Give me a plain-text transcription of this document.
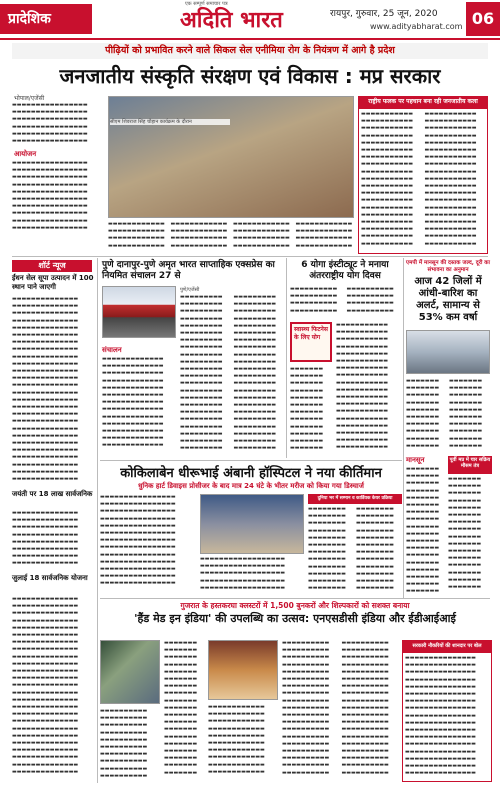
प्रादेशिक
एक सम्पूर्ण समाचार पत्र
अदिति भारत	रायपुर, गुरुवार, 25 जून, 2020
www.adityabharat.com 06
पीढ़ियों को प्रभावित करने वाले सिकल सेल एनीमिया रोग के नियंत्रण में आगे है प्रदेश
जनजातीय संस्कृति संरक्षण एवं विकास : मप्र सरकार
भोपाल/एजेंसी
▬▬▬▬▬▬▬▬▬▬▬▬▬▬▬▬
▬▬▬▬▬▬▬▬▬▬▬▬▬▬▬▬
▬▬▬▬▬▬▬▬▬▬▬▬▬▬▬▬
▬▬▬▬▬▬▬▬▬▬▬▬▬▬▬▬
▬▬▬▬▬▬▬▬▬▬▬▬▬▬▬▬
▬▬▬▬▬▬▬▬▬▬▬▬▬▬▬▬
आयोजन
▬▬▬▬▬▬▬▬▬▬▬▬▬▬▬▬
▬▬▬▬▬▬▬▬▬▬▬▬▬▬▬▬
▬▬▬▬▬▬▬▬▬▬▬▬▬▬▬▬
▬▬▬▬▬▬▬▬▬▬▬▬▬▬▬▬
▬▬▬▬▬▬▬▬▬▬▬▬▬▬▬▬
▬▬▬▬▬▬▬▬▬▬▬▬▬▬▬▬
▬▬▬▬▬▬▬▬▬▬▬▬▬▬▬▬
▬▬▬▬▬▬▬▬▬▬▬▬▬▬▬▬
▬▬▬▬▬▬▬▬▬▬▬▬▬▬▬▬
▬▬▬▬▬▬▬▬▬▬▬▬▬▬▬▬
सीएम शिवराज सिंह चौहान कार्यक्रम के दौरान
▬▬▬▬▬▬▬▬▬▬▬▬
▬▬▬▬▬▬▬▬▬▬▬▬
▬▬▬▬▬▬▬▬▬▬▬▬
▬▬▬▬▬▬▬▬▬▬▬▬
▬▬▬▬▬▬▬▬▬▬▬▬
▬▬▬▬▬▬▬▬▬▬▬▬
▬▬▬▬▬▬▬▬▬▬▬▬
▬▬▬▬▬▬▬▬▬▬▬▬
▬▬▬▬▬▬▬▬▬▬▬▬
▬▬▬▬▬▬▬▬▬▬▬▬
▬▬▬▬▬▬▬▬▬▬▬▬
▬▬▬▬▬▬▬▬▬▬▬▬
▬▬▬▬▬▬▬▬▬▬▬▬
▬▬▬▬▬▬▬▬▬▬▬▬
▬▬▬▬▬▬▬▬▬▬▬▬
▬▬▬▬▬▬▬▬▬▬▬▬
राष्ट्रीय फलक पर पहचान बना रही जनजातीय कला
▬▬▬▬▬▬▬▬▬▬▬
▬▬▬▬▬▬▬▬▬▬▬
▬▬▬▬▬▬▬▬▬▬▬
▬▬▬▬▬▬▬▬▬▬▬
▬▬▬▬▬▬▬▬▬▬▬
▬▬▬▬▬▬▬▬▬▬▬
▬▬▬▬▬▬▬▬▬▬▬
▬▬▬▬▬▬▬▬▬▬▬
▬▬▬▬▬▬▬▬▬▬▬
▬▬▬▬▬▬▬▬▬▬▬
▬▬▬▬▬▬▬▬▬▬▬
▬▬▬▬▬▬▬▬▬▬▬
▬▬▬▬▬▬▬▬▬▬▬
▬▬▬▬▬▬▬▬▬▬▬
▬▬▬▬▬▬▬▬▬▬▬
▬▬▬▬▬▬▬▬▬▬▬
▬▬▬▬▬▬▬▬▬▬▬
▬▬▬▬▬▬▬▬▬▬▬
▬▬▬▬▬▬▬▬▬▬▬
▬▬▬▬▬▬▬▬▬▬▬
▬▬▬▬▬▬▬▬▬▬▬
▬▬▬▬▬▬▬▬▬▬▬
▬▬▬▬▬▬▬▬▬▬▬
▬▬▬▬▬▬▬▬▬▬▬
▬▬▬▬▬▬▬▬▬▬▬
▬▬▬▬▬▬▬▬▬▬▬
▬▬▬▬▬▬▬▬▬▬▬
▬▬▬▬▬▬▬▬▬▬▬
▬▬▬▬▬▬▬▬▬▬▬
▬▬▬▬▬▬▬▬▬▬▬
▬▬▬▬▬▬▬▬▬▬▬
▬▬▬▬▬▬▬▬▬▬▬
▬▬▬▬▬▬▬▬▬▬▬
▬▬▬▬▬▬▬▬▬▬▬
▬▬▬▬▬▬▬▬▬▬▬
▬▬▬▬▬▬▬▬▬▬▬
▬▬▬▬▬▬▬▬▬▬▬
▬▬▬▬▬▬▬▬▬▬▬
शॉर्ट न्यूज
ईंधन सेल सूपा उत्पादन में 100 स्थान पाने जाएगी
▬▬▬▬▬▬▬▬▬▬▬▬▬▬
▬▬▬▬▬▬▬▬▬▬▬▬▬▬
▬▬▬▬▬▬▬▬▬▬▬▬▬▬
▬▬▬▬▬▬▬▬▬▬▬▬▬▬
▬▬▬▬▬▬▬▬▬▬▬▬▬▬
▬▬▬▬▬▬▬▬▬▬▬▬▬▬
▬▬▬▬▬▬▬▬▬▬▬▬▬▬
▬▬▬▬▬▬▬▬▬▬▬▬▬▬
▬▬▬▬▬▬▬▬▬▬▬▬▬▬
▬▬▬▬▬▬▬▬▬▬▬▬▬▬
▬▬▬▬▬▬▬▬▬▬▬▬▬▬
▬▬▬▬▬▬▬▬▬▬▬▬▬▬
▬▬▬▬▬▬▬▬▬▬▬▬▬▬
▬▬▬▬▬▬▬▬▬▬▬▬▬▬
▬▬▬▬▬▬▬▬▬▬▬▬▬▬
▬▬▬▬▬▬▬▬▬▬▬▬▬▬
▬▬▬▬▬▬▬▬▬▬▬▬▬▬
▬▬▬▬▬▬▬▬▬▬▬▬▬▬
▬▬▬▬▬▬▬▬▬▬▬▬▬▬
▬▬▬▬▬▬▬▬▬▬▬▬▬▬
▬▬▬▬▬▬▬▬▬▬▬▬▬▬
▬▬▬▬▬▬▬▬▬▬▬▬▬▬
▬▬▬▬▬▬▬▬▬▬▬▬▬▬
▬▬▬▬▬▬▬▬▬▬▬▬▬▬
▬▬▬▬▬▬▬▬▬▬▬▬▬▬
▬▬▬▬▬▬▬▬▬▬▬▬▬▬
जयंती पर 18 लाख सार्वजनिक
▬▬▬▬▬▬▬▬▬▬▬▬▬▬
▬▬▬▬▬▬▬▬▬▬▬▬▬▬
▬▬▬▬▬▬▬▬▬▬▬▬▬▬
▬▬▬▬▬▬▬▬▬▬▬▬▬▬
▬▬▬▬▬▬▬▬▬▬▬▬▬▬
▬▬▬▬▬▬▬▬▬▬▬▬▬▬
▬▬▬▬▬▬▬▬▬▬▬▬▬▬
▬▬▬▬▬▬▬▬▬▬▬▬▬▬
जुलाई 18 सार्वजनिक योजना
▬▬▬▬▬▬▬▬▬▬▬▬▬▬
▬▬▬▬▬▬▬▬▬▬▬▬▬▬
▬▬▬▬▬▬▬▬▬▬▬▬▬▬
▬▬▬▬▬▬▬▬▬▬▬▬▬▬
▬▬▬▬▬▬▬▬▬▬▬▬▬▬
▬▬▬▬▬▬▬▬▬▬▬▬▬▬
▬▬▬▬▬▬▬▬▬▬▬▬▬▬
▬▬▬▬▬▬▬▬▬▬▬▬▬▬
▬▬▬▬▬▬▬▬▬▬▬▬▬▬
▬▬▬▬▬▬▬▬▬▬▬▬▬▬
▬▬▬▬▬▬▬▬▬▬▬▬▬▬
▬▬▬▬▬▬▬▬▬▬▬▬▬▬
▬▬▬▬▬▬▬▬▬▬▬▬▬▬
▬▬▬▬▬▬▬▬▬▬▬▬▬▬
▬▬▬▬▬▬▬▬▬▬▬▬▬▬
▬▬▬▬▬▬▬▬▬▬▬▬▬▬
▬▬▬▬▬▬▬▬▬▬▬▬▬▬
▬▬▬▬▬▬▬▬▬▬▬▬▬▬
▬▬▬▬▬▬▬▬▬▬▬▬▬▬
▬▬▬▬▬▬▬▬▬▬▬▬▬▬
▬▬▬▬▬▬▬▬▬▬▬▬▬▬
▬▬▬▬▬▬▬▬▬▬▬▬▬▬
▬▬▬▬▬▬▬▬▬▬▬▬▬▬
▬▬▬▬▬▬▬▬▬▬▬▬▬▬
▬▬▬▬▬▬▬▬▬▬▬▬▬▬
पुणे दानापुर-पुणे अमृत भारत साप्ताहिक एक्सप्रेस का नियमित संचालन 27 से
पुणे/एजेंसी
▬▬▬▬▬▬▬▬▬
▬▬▬▬▬▬▬▬▬
▬▬▬▬▬▬▬▬▬
▬▬▬▬▬▬▬▬▬
▬▬▬▬▬▬▬▬▬
▬▬▬▬▬▬▬▬▬
▬▬▬▬▬▬▬▬▬
▬▬▬▬▬▬▬▬▬
▬▬▬▬▬▬▬▬▬
▬▬▬▬▬▬▬▬▬
▬▬▬▬▬▬▬▬▬
▬▬▬▬▬▬▬▬▬
▬▬▬▬▬▬▬▬▬
▬▬▬▬▬▬▬▬▬
▬▬▬▬▬▬▬▬▬
▬▬▬▬▬▬▬▬▬
▬▬▬▬▬▬▬▬▬
▬▬▬▬▬▬▬▬▬
▬▬▬▬▬▬▬▬▬
▬▬▬▬▬▬▬▬▬
▬▬▬▬▬▬▬▬▬
▬▬▬▬▬▬▬▬▬
▬▬▬▬▬▬▬▬▬
▬▬▬▬▬▬▬▬▬
▬▬▬▬▬▬▬▬▬
▬▬▬▬▬▬▬▬▬
▬▬▬▬▬▬▬▬▬
▬▬▬▬▬▬▬▬▬
▬▬▬▬▬▬▬▬▬
▬▬▬▬▬▬▬▬▬
▬▬▬▬▬▬▬▬▬
▬▬▬▬▬▬▬▬▬
▬▬▬▬▬▬▬▬▬
▬▬▬▬▬▬▬▬▬
▬▬▬▬▬▬▬▬▬
▬▬▬▬▬▬▬▬▬
▬▬▬▬▬▬▬▬▬
▬▬▬▬▬▬▬▬▬
▬▬▬▬▬▬▬▬▬
▬▬▬▬▬▬▬▬▬
▬▬▬▬▬▬▬▬▬
▬▬▬▬▬▬▬▬▬
▬▬▬▬▬▬▬▬▬
▬▬▬▬▬▬▬▬▬
संचालन
▬▬▬▬▬▬▬▬▬▬▬▬▬
▬▬▬▬▬▬▬▬▬▬▬▬▬
▬▬▬▬▬▬▬▬▬▬▬▬▬
▬▬▬▬▬▬▬▬▬▬▬▬▬
▬▬▬▬▬▬▬▬▬▬▬▬▬
▬▬▬▬▬▬▬▬▬▬▬▬▬
▬▬▬▬▬▬▬▬▬▬▬▬▬
▬▬▬▬▬▬▬▬▬▬▬▬▬
▬▬▬▬▬▬▬▬▬▬▬▬▬
▬▬▬▬▬▬▬▬▬▬▬▬▬
▬▬▬▬▬▬▬▬▬▬▬▬▬
▬▬▬▬▬▬▬▬▬▬▬▬▬
▬▬▬▬▬▬▬▬▬▬▬▬▬
6 योगा इंस्टीट्यूट ने मनाया अंतरराष्ट्रीय योग दिवस
▬▬▬▬▬▬▬▬▬▬
▬▬▬▬▬▬▬▬▬▬
▬▬▬▬▬▬▬▬▬▬
▬▬▬▬▬▬▬▬▬▬
▬▬▬▬▬▬▬▬▬▬
▬▬▬▬▬▬▬▬▬▬
▬▬▬▬▬▬▬▬▬▬
▬▬▬▬▬▬▬▬▬▬
स्वास्थ्य फिटनेस के लिए योग
▬▬▬▬▬▬▬▬▬▬▬
▬▬▬▬▬▬▬▬▬▬▬
▬▬▬▬▬▬▬▬▬▬▬
▬▬▬▬▬▬▬▬▬▬▬
▬▬▬▬▬▬▬▬▬▬▬
▬▬▬▬▬▬▬▬▬▬▬
▬▬▬▬▬▬▬▬▬▬▬
▬▬▬▬▬▬▬▬▬▬▬
▬▬▬▬▬▬▬▬▬▬▬
▬▬▬▬▬▬▬▬▬▬▬
▬▬▬▬▬▬▬▬▬▬▬
▬▬▬▬▬▬▬▬▬▬▬
▬▬▬▬▬▬▬▬▬▬▬
▬▬▬▬▬▬▬▬▬▬▬
▬▬▬▬▬▬▬▬▬▬▬
▬▬▬▬▬▬▬▬▬▬▬
▬▬▬▬▬▬▬▬▬▬▬
▬▬▬▬▬▬▬▬▬▬▬
▬▬▬▬▬▬▬
▬▬▬▬▬▬▬
▬▬▬▬▬▬▬
▬▬▬▬▬▬▬
▬▬▬▬▬▬▬
▬▬▬▬▬▬▬
▬▬▬▬▬▬▬
▬▬▬▬▬▬▬
▬▬▬▬▬▬▬
▬▬▬▬▬▬▬
▬▬▬▬▬▬▬
▬▬▬▬▬▬▬
एमपी में मानसून की दस्तक जल्द, दूरी का संभावना का अनुमान
आज 42 जिलों में आंधी-बारिश का अलर्ट, सामान्य से 53% कम वर्षा
▬▬▬▬▬▬▬
▬▬▬▬▬▬▬
▬▬▬▬▬▬▬
▬▬▬▬▬▬▬
▬▬▬▬▬▬▬
▬▬▬▬▬▬▬
▬▬▬▬▬▬▬
▬▬▬▬▬▬▬
▬▬▬▬▬▬▬
▬▬▬▬▬▬▬
▬▬▬▬▬▬▬
▬▬▬▬▬▬▬
▬▬▬▬▬▬▬
▬▬▬▬▬▬▬
▬▬▬▬▬▬▬
▬▬▬▬▬▬▬
▬▬▬▬▬▬▬
▬▬▬▬▬▬▬
▬▬▬▬▬▬▬
▬▬▬▬▬▬▬
पूर्वी मप्र में चार सक्रिय मौसम तंत्र
मानसून
▬▬▬▬▬▬▬
▬▬▬▬▬▬▬
▬▬▬▬▬▬▬
▬▬▬▬▬▬▬
▬▬▬▬▬▬▬
▬▬▬▬▬▬▬
▬▬▬▬▬▬▬
▬▬▬▬▬▬▬
▬▬▬▬▬▬▬
▬▬▬▬▬▬▬
▬▬▬▬▬▬▬
▬▬▬▬▬▬▬
▬▬▬▬▬▬▬
▬▬▬▬▬▬▬
▬▬▬▬▬▬▬
▬▬▬▬▬▬▬
▬▬▬▬▬▬▬
▬▬▬▬▬▬▬
▬▬▬▬▬▬▬
▬▬▬▬▬▬▬
▬▬▬▬▬▬▬
▬▬▬▬▬▬▬
▬▬▬▬▬▬▬
▬▬▬▬▬▬▬
▬▬▬▬▬▬▬
▬▬▬▬▬▬▬
▬▬▬▬▬▬▬
▬▬▬▬▬▬▬
▬▬▬▬▬▬▬
▬▬▬▬▬▬▬
▬▬▬▬▬▬▬
▬▬▬▬▬▬▬
▬▬▬▬▬▬▬
▬▬▬▬▬▬▬
कोकिलाबेन धीरूभाई अंबानी हॉस्पिटल ने नया कीर्तिमान
धुनिक हार्ट डिवाइस प्रोसीजर के बाद मात्र 24 घंटे के भीतर मरीज को किया गया डिस्चार्ज
▬▬▬▬▬▬▬▬▬▬▬▬▬▬▬▬
▬▬▬▬▬▬▬▬▬▬▬▬▬▬▬▬
▬▬▬▬▬▬▬▬▬▬▬▬▬▬▬▬
▬▬▬▬▬▬▬▬▬▬▬▬▬▬▬▬
▬▬▬▬▬▬▬▬▬▬▬▬▬▬▬▬
▬▬▬▬▬▬▬▬▬▬▬▬▬▬▬▬
▬▬▬▬▬▬▬▬▬▬▬▬▬▬▬▬
▬▬▬▬▬▬▬▬▬▬▬▬▬▬▬▬
▬▬▬▬▬▬▬▬▬▬▬▬▬▬▬▬
▬▬▬▬▬▬▬▬▬▬▬▬▬▬▬▬
▬▬▬▬▬▬▬▬▬▬▬▬▬▬▬▬
▬▬▬▬▬▬▬▬▬▬▬▬▬▬▬▬
▬▬▬▬▬▬▬▬▬▬▬▬▬▬▬▬
▬▬▬▬▬▬▬▬▬▬▬▬▬▬▬▬▬▬
▬▬▬▬▬▬▬▬▬▬▬▬▬▬▬▬▬▬
▬▬▬▬▬▬▬▬▬▬▬▬▬▬▬▬▬▬
▬▬▬▬▬▬▬▬▬▬▬▬▬▬▬▬▬▬
▬▬▬▬▬▬▬▬▬▬▬▬▬▬▬▬▬▬
दुनिया भर में सम्मान व कार्डियक केयर प्रक्रिया
▬▬▬▬▬▬▬▬
▬▬▬▬▬▬▬▬
▬▬▬▬▬▬▬▬
▬▬▬▬▬▬▬▬
▬▬▬▬▬▬▬▬
▬▬▬▬▬▬▬▬
▬▬▬▬▬▬▬▬
▬▬▬▬▬▬▬▬
▬▬▬▬▬▬▬▬
▬▬▬▬▬▬▬▬
▬▬▬▬▬▬▬▬
▬▬▬▬▬▬▬▬
▬▬▬▬▬▬▬▬
▬▬▬▬▬▬▬▬
▬▬▬▬▬▬▬▬
▬▬▬▬▬▬▬▬
▬▬▬▬▬▬▬▬
▬▬▬▬▬▬▬▬
▬▬▬▬▬▬▬▬
▬▬▬▬▬▬▬▬
▬▬▬▬▬▬▬▬
▬▬▬▬▬▬▬▬
▬▬▬▬▬▬▬▬
▬▬▬▬▬▬▬▬
गुजरात के हस्तकरघा क्लस्टरों में 1,500 बुनकरों और शिल्पकारों को सशक्त बनाया
'हैंड मेड इन इंडिया' की उपलब्धि का उत्सव: एनएसडीसी इंडिया और ईडीआईआई
▬▬▬▬▬▬▬
▬▬▬▬▬▬▬
▬▬▬▬▬▬▬
▬▬▬▬▬▬▬
▬▬▬▬▬▬▬
▬▬▬▬▬▬▬
▬▬▬▬▬▬▬
▬▬▬▬▬▬▬
▬▬▬▬▬▬▬
▬▬▬▬▬▬▬
▬▬▬▬▬▬▬
▬▬▬▬▬▬▬
▬▬▬▬▬▬▬
▬▬▬▬▬▬▬
▬▬▬▬▬▬▬
▬▬▬▬▬▬▬
▬▬▬▬▬▬▬
▬▬▬▬▬▬▬
▬▬▬▬▬▬▬
▬▬▬▬▬▬▬▬▬▬
▬▬▬▬▬▬▬▬▬▬
▬▬▬▬▬▬▬▬▬▬
▬▬▬▬▬▬▬▬▬▬
▬▬▬▬▬▬▬▬▬▬
▬▬▬▬▬▬▬▬▬▬
▬▬▬▬▬▬▬▬▬▬
▬▬▬▬▬▬▬▬▬▬
▬▬▬▬▬▬▬▬▬▬
▬▬▬▬▬▬▬▬▬▬
▬▬▬▬▬▬▬▬▬▬▬▬
▬▬▬▬▬▬▬▬▬▬▬▬
▬▬▬▬▬▬▬▬▬▬▬▬
▬▬▬▬▬▬▬▬▬▬▬▬
▬▬▬▬▬▬▬▬▬▬▬▬
▬▬▬▬▬▬▬▬▬▬▬▬
▬▬▬▬▬▬▬▬▬▬▬▬
▬▬▬▬▬▬▬▬▬▬▬▬
▬▬▬▬▬▬▬▬▬▬▬▬
▬▬▬▬▬▬▬▬▬▬▬▬
▬▬▬▬▬▬▬▬▬▬
▬▬▬▬▬▬▬▬▬▬
▬▬▬▬▬▬▬▬▬▬
▬▬▬▬▬▬▬▬▬▬
▬▬▬▬▬▬▬▬▬▬
▬▬▬▬▬▬▬▬▬▬
▬▬▬▬▬▬▬▬▬▬
▬▬▬▬▬▬▬▬▬▬
▬▬▬▬▬▬▬▬▬▬
▬▬▬▬▬▬▬▬▬▬
▬▬▬▬▬▬▬▬▬▬
▬▬▬▬▬▬▬▬▬▬
▬▬▬▬▬▬▬▬▬▬
▬▬▬▬▬▬▬▬▬▬
▬▬▬▬▬▬▬▬▬▬
▬▬▬▬▬▬▬▬▬▬
▬▬▬▬▬▬▬▬▬▬
▬▬▬▬▬▬▬▬▬▬
▬▬▬▬▬▬▬▬▬▬
▬▬▬▬▬▬▬▬▬▬
▬▬▬▬▬▬▬▬▬▬
▬▬▬▬▬▬▬▬▬▬
▬▬▬▬▬▬▬▬▬▬
▬▬▬▬▬▬▬▬▬▬
▬▬▬▬▬▬▬▬▬▬
▬▬▬▬▬▬▬▬▬▬
▬▬▬▬▬▬▬▬▬▬
▬▬▬▬▬▬▬▬▬▬
▬▬▬▬▬▬▬▬▬▬
▬▬▬▬▬▬▬▬▬▬
▬▬▬▬▬▬▬▬▬▬
▬▬▬▬▬▬▬▬▬▬
▬▬▬▬▬▬▬▬▬▬
▬▬▬▬▬▬▬▬▬▬
▬▬▬▬▬▬▬▬▬▬
▬▬▬▬▬▬▬▬▬▬
▬▬▬▬▬▬▬▬▬▬
▬▬▬▬▬▬▬▬▬▬
सरकारी नौकरियों की शानदार पर बोल
▬▬▬▬▬▬▬▬▬▬▬▬▬▬▬
▬▬▬▬▬▬▬▬▬▬▬▬▬▬▬
▬▬▬▬▬▬▬▬▬▬▬▬▬▬▬
▬▬▬▬▬▬▬▬▬▬▬▬▬▬▬
▬▬▬▬▬▬▬▬▬▬▬▬▬▬▬
▬▬▬▬▬▬▬▬▬▬▬▬▬▬▬
▬▬▬▬▬▬▬▬▬▬▬▬▬▬▬
▬▬▬▬▬▬▬▬▬▬▬▬▬▬▬
▬▬▬▬▬▬▬▬▬▬▬▬▬▬▬
▬▬▬▬▬▬▬▬▬▬▬▬▬▬▬
▬▬▬▬▬▬▬▬▬▬▬▬▬▬▬
▬▬▬▬▬▬▬▬▬▬▬▬▬▬▬
▬▬▬▬▬▬▬▬▬▬▬▬▬▬▬
▬▬▬▬▬▬▬▬▬▬▬▬▬▬▬
▬▬▬▬▬▬▬▬▬▬▬▬▬▬▬
▬▬▬▬▬▬▬▬▬▬▬▬▬▬▬
▬▬▬▬▬▬▬▬▬▬▬▬▬▬▬
